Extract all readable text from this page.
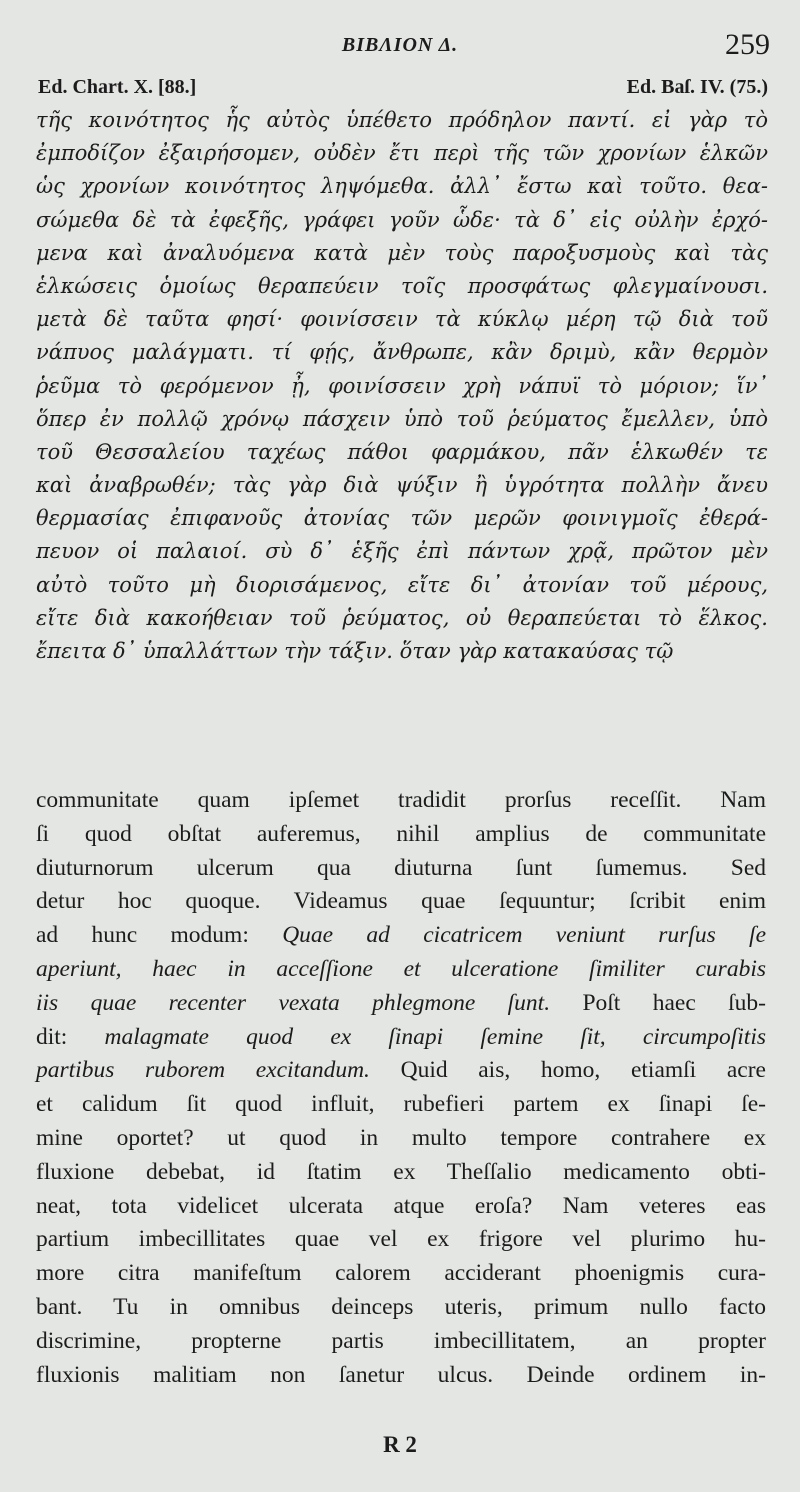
ΒΙΒΛΙΟΝ Δ.	259
Ed. Chart. X. [88.]	Ed. Baſ. IV. (75.)
τῆς κοινότητος ἧς αὐτὸς ὑπέθετο πρόδηλον παντί. εἰ γὰρ τὸ
ἐμποδίζον ἐξαιρήσομεν, οὐδὲν ἔτι περὶ τῆς τῶν χρονίων ἑλκῶν
ὡς χρονίων κοινότητος ληψόμεθα. ἀλλ᾽ ἔστω καὶ τοῦτο. θεα-
σώμεθα δὲ τὰ ἐφεξῆς, γράφει γοῦν ὧδε· τὰ δ᾽ εἰς οὐλὴν ἐρχό-
μενα καὶ ἀναλυόμενα κατὰ μὲν τοὺς παροξυσμοὺς καὶ τὰς
ἑλκώσεις ὁμοίως θεραπεύειν τοῖς προσφάτως φλεγμαίνουσι.
μετὰ δὲ ταῦτα φησί· φοινίσσειν τὰ κύκλῳ μέρη τῷ διὰ τοῦ
νάπυος μαλάγματι. τί φῄς, ἄνθρωπε, κἂν δριμὺ, κἂν θερμὸν
ῥεῦμα τὸ φερόμενον ᾖ, φοινίσσειν χρὴ νάπυϊ τὸ μόριον; ἵν᾽
ὅπερ ἐν πολλῷ χρόνῳ πάσχειν ὑπὸ τοῦ ῥεύματος ἔμελλεν, ὑπὸ
τοῦ Θεσσαλείου ταχέως πάθοι φαρμάκου, πᾶν ἑλκωθέν τε
καὶ ἀναβρωθέν; τὰς γὰρ διὰ ψύξιν ἢ ὑγρότητα πολλὴν ἄνευ
θερμασίας ἐπιφανοῦς ἀτονίας τῶν μερῶν φοινιγμοῖς ἐθερά-
πευον οἱ παλαιοί. σὺ δ᾽ ἑξῆς ἐπὶ πάντων χρᾷ, πρῶτον μὲν
αὐτὸ τοῦτο μὴ διορισάμενος, εἴτε δι᾽ ἀτονίαν τοῦ μέρους,
εἴτε διὰ κακοήθειαν τοῦ ῥεύματος, οὐ θεραπεύεται τὸ ἕλκος.
ἔπειτα δ᾽ ὑπαλλάττων τὴν τάξιν. ὅταν γὰρ κατακαύσας τῷ
communitate quam ipſemet tradidit prorſus receſſit. Nam
ſi quod obſtat auferemus, nihil amplius de communitate
diuturnorum ulcerum qua diuturna ſunt ſumemus. Sed
detur hoc quoque. Videamus quae ſequuntur; ſcribit enim
ad hunc modum: Quae ad cicatricem veniunt rurſus ſe
aperiunt, haec in acceſſione et ulceratione ſimiliter curabis
iis quae recenter vexata phlegmone ſunt. Poſt haec ſub-
dit: malagmate quod ex ſinapi ſemine ſit, circumpoſitis
partibus ruborem excitandum. Quid ais, homo, etiamſi acre
et calidum ſit quod influit, rubefieri partem ex ſinapi ſe-
mine oportet? ut quod in multo tempore contrahere ex
fluxione debebat, id ſtatim ex Theſſalio medicamento obti-
neat, tota videlicet ulcerata atque eroſa? Nam veteres eas
partium imbecillitates quae vel ex frigore vel plurimo hu-
more citra manifeſtum calorem acciderant phoenigmis cura-
bant. Tu in omnibus deinceps uteris, primum nullo facto
discrimine, propterne partis imbecillitatem, an propter
fluxionis malitiam non ſanetur ulcus. Deinde ordinem in-
R 2
